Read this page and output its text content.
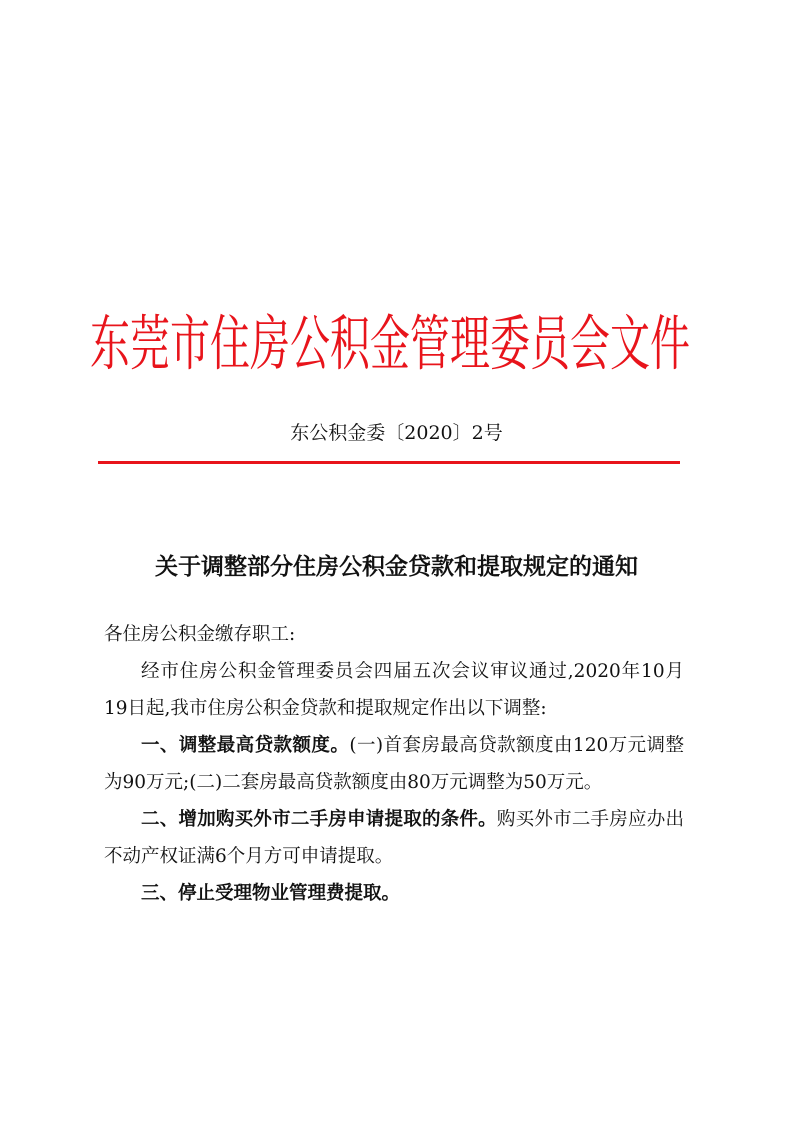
东莞市住房公积金管理委员会文件
东公积金委〔2020〕2号
关于调整部分住房公积金贷款和提取规定的通知

各住房公积金缴存职工:

经市住房公积金管理委员会四届五次会议审议通过,2020年10月19日起,我市住房公积金贷款和提取规定作出以下调整:

一、调整最高贷款额度。(一)首套房最高贷款额度由120万元调整为90万元;(二)二套房最高贷款额度由80万元调整为50万元。

二、增加购买外市二手房申请提取的条件。购买外市二手房应办出不动产权证满6个月方可申请提取。

三、停止受理物业管理费提取。
